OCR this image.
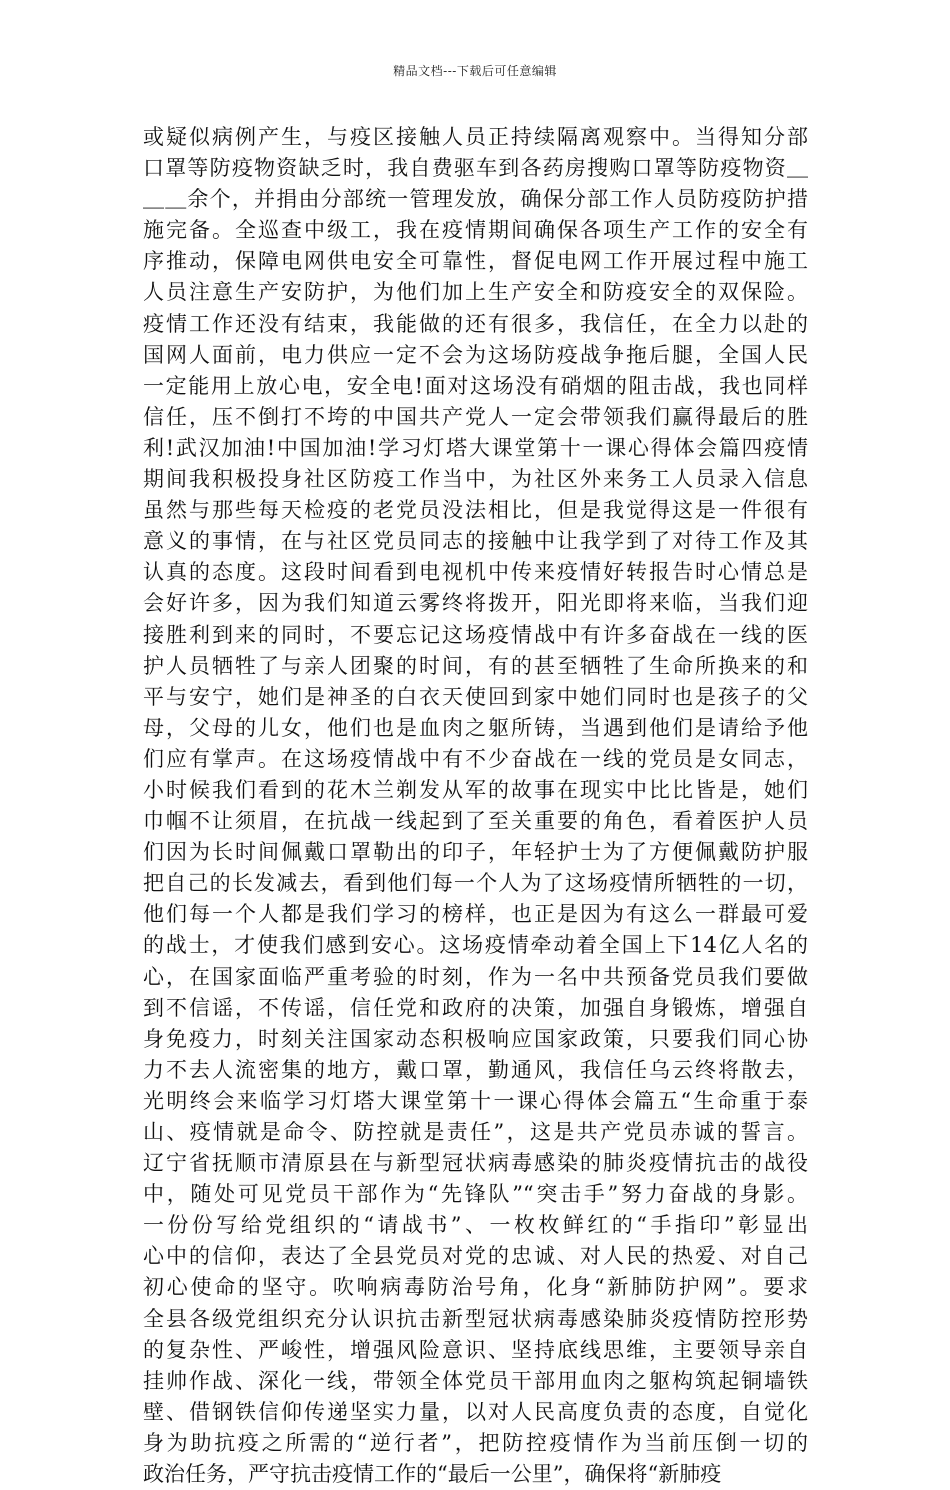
精品文档---下载后可任意编辑
或疑似病例产生，与疫区接触人员正持续隔离观察中。当得知分部
口罩等防疫物资缺乏时，我自费驱车到各药房搜购口罩等防疫物资＿
＿＿余个，并捐由分部统一管理发放，确保分部工作人员防疫防护措
施完备。全巡查中级工，我在疫情期间确保各项生产工作的安全有
序推动，保障电网供电安全可靠性，督促电网工作开展过程中施工
人员注意生产安防护，为他们加上生产安全和防疫安全的双保险。
疫情工作还没有结束，我能做的还有很多，我信任，在全力以赴的
国网人面前，电力供应一定不会为这场防疫战争拖后腿，全国人民
一定能用上放心电，安全电!面对这场没有硝烟的阻击战，我也同样
信任，压不倒打不垮的中国共产党人一定会带领我们赢得最后的胜
利!武汉加油!中国加油!学习灯塔大课堂第十一课心得体会篇四疫情
期间我积极投身社区防疫工作当中，为社区外来务工人员录入信息
虽然与那些每天检疫的老党员没法相比，但是我觉得这是一件很有
意义的事情，在与社区党员同志的接触中让我学到了对待工作及其
认真的态度。这段时间看到电视机中传来疫情好转报告时心情总是
会好许多，因为我们知道云雾终将拨开，阳光即将来临，当我们迎
接胜利到来的同时，不要忘记这场疫情战中有许多奋战在一线的医
护人员牺牲了与亲人团聚的时间，有的甚至牺牲了生命所换来的和
平与安宁，她们是神圣的白衣天使回到家中她们同时也是孩子的父
母，父母的儿女，他们也是血肉之躯所铸，当遇到他们是请给予他
们应有掌声。在这场疫情战中有不少奋战在一线的党员是女同志，
小时候我们看到的花木兰剃发从军的故事在现实中比比皆是，她们
巾帼不让须眉，在抗战一线起到了至关重要的角色，看着医护人员
们因为长时间佩戴口罩勒出的印子，年轻护士为了方便佩戴防护服
把自己的长发减去，看到他们每一个人为了这场疫情所牺牲的一切，
他们每一个人都是我们学习的榜样，也正是因为有这么一群最可爱
的战士，才使我们感到安心。这场疫情牵动着全国上下14亿人名的
心，在国家面临严重考验的时刻，作为一名中共预备党员我们要做
到不信谣，不传谣，信任党和政府的决策，加强自身锻炼，增强自
身免疫力，时刻关注国家动态积极响应国家政策，只要我们同心协
力不去人流密集的地方，戴口罩，勤通风，我信任乌云终将散去，
光明终会来临学习灯塔大课堂第十一课心得体会篇五“生命重于泰
山、疫情就是命令、防控就是责任”，这是共产党员赤诚的誓言。
辽宁省抚顺市清原县在与新型冠状病毒感染的肺炎疫情抗击的战役
中，随处可见党员干部作为“先锋队”“突击手”努力奋战的身影。
一份份写给党组织的“请战书”、一枚枚鲜红的“手指印”彰显出
心中的信仰，表达了全县党员对党的忠诚、对人民的热爱、对自己
初心使命的坚守。吹响病毒防治号角，化身“新肺防护网”。要求
全县各级党组织充分认识抗击新型冠状病毒感染肺炎疫情防控形势
的复杂性、严峻性，增强风险意识、坚持底线思维，主要领导亲自
挂帅作战、深化一线，带领全体党员干部用血肉之躯构筑起铜墙铁
壁、借钢铁信仰传递坚实力量，以对人民高度负责的态度，自觉化
身为助抗疫之所需的“逆行者”，把防控疫情作为当前压倒一切的
政治任务，严守抗击疫情工作的“最后一公里”，确保将“新肺疫
